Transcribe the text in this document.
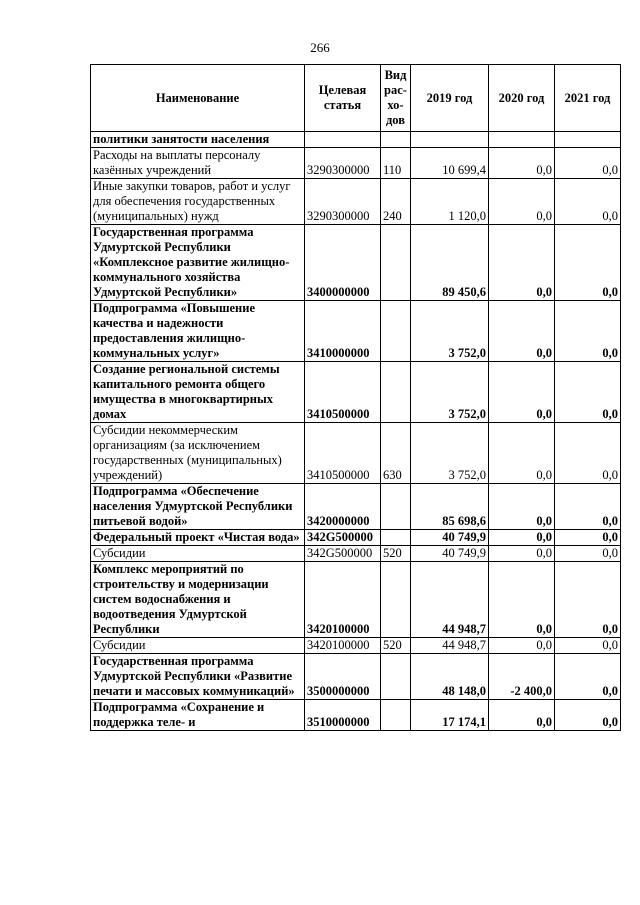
266
Наименование	Целевая статья	Вид рас-хо-дов	2019 год	2020 год	2021 год
политики занятости населения					
Расходы на выплаты персоналу казённых учреждений	3290300000	110	10 699,4	0,0	0,0
Иные закупки товаров, работ и услуг для обеспечения государственных (муниципальных) нужд	3290300000	240	1 120,0	0,0	0,0
Государственная программа Удмуртской Республики «Комплексное развитие жилищно-коммунального хозяйства Удмуртской Республики»	3400000000		89 450,6	0,0	0,0
Подпрограмма «Повышение качества и надежности предоставления жилищно-коммунальных услуг»	3410000000		3 752,0	0,0	0,0
Создание региональной системы капитального ремонта общего имущества в многоквартирных домах	3410500000		3 752,0	0,0	0,0
Субсидии некоммерческим организациям (за исключением государственных (муниципальных) учреждений)	3410500000	630	3 752,0	0,0	0,0
Подпрограмма «Обеспечение населения Удмуртской Республики питьевой водой»	3420000000		85 698,6	0,0	0,0
Федеральный проект «Чистая вода»	342G500000		40 749,9	0,0	0,0
Субсидии	342G500000	520	40 749,9	0,0	0,0
Комплекс мероприятий по строительству и модернизации систем водоснабжения и водоотведения Удмуртской Республики	3420100000		44 948,7	0,0	0,0
Субсидии	3420100000	520	44 948,7	0,0	0,0
Государственная программа Удмуртской Республики «Развитие печати и массовых коммуникаций»	3500000000		48 148,0	-2 400,0	0,0
Подпрограмма «Сохранение и поддержка теле- и	3510000000		17 174,1	0,0	0,0
